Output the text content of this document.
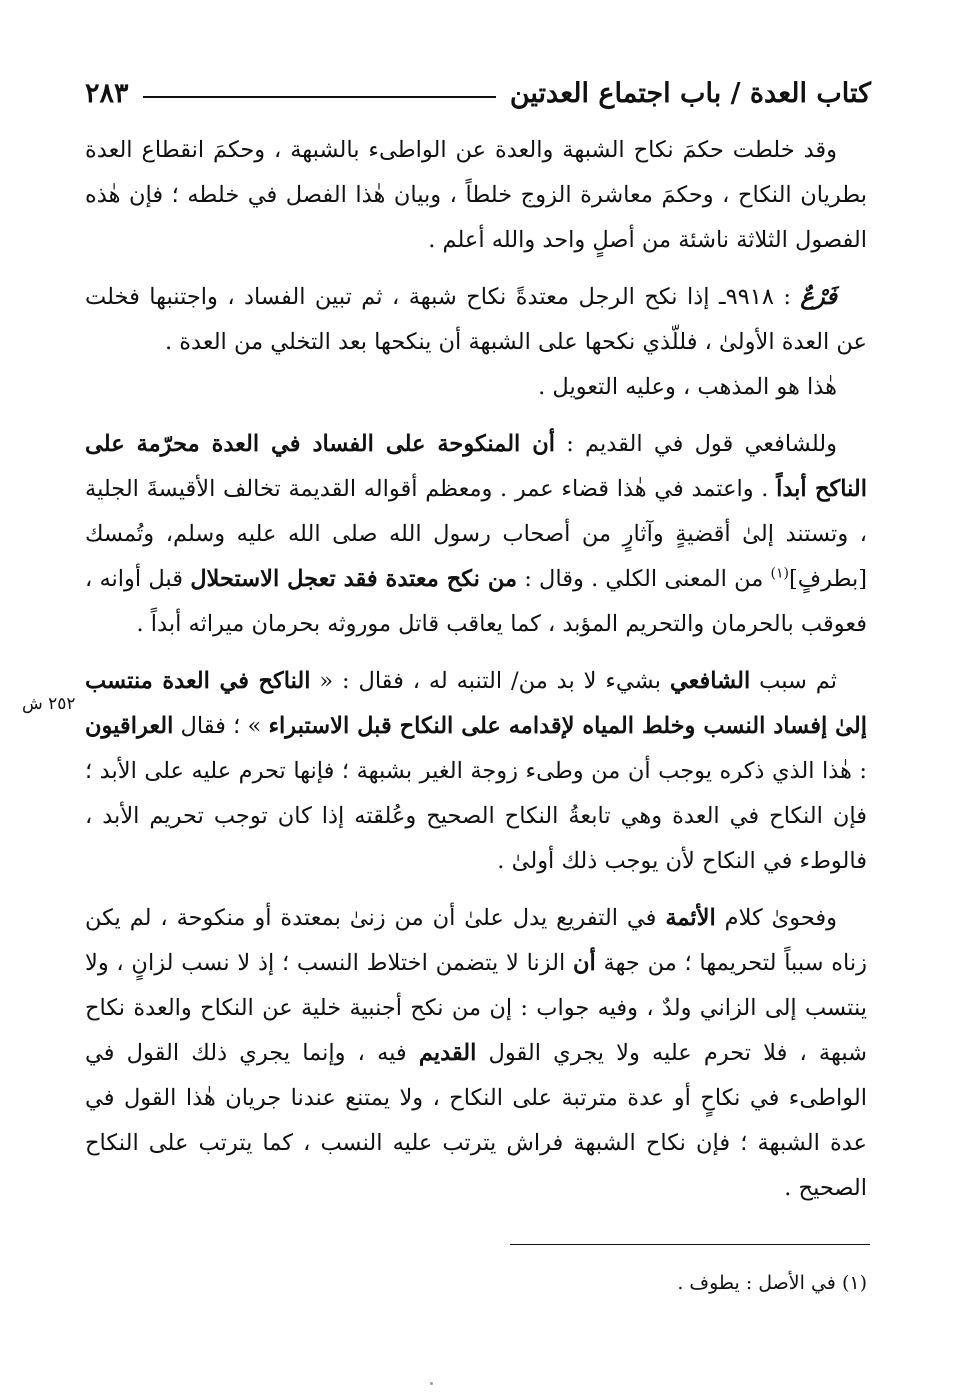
كتاب العدة / باب اجتماع العدتين
٢٨٣

وقد خلطت حكمَ نكاح الشبهة والعدة عن الواطىء بالشبهة ، وحكمَ انقطاع العدة بطريان النكاح ، وحكمَ معاشرة الزوج خلطاً ، وبيان هٰذا الفصل في خلطه ؛ فإن هٰذه الفصول الثلاثة ناشئة من أصلٍ واحد والله أعلم .

فَرْعٌ : ٩٩١٨ـ إذا نكح الرجل معتدةً نكاح شبهة ، ثم تبين الفساد ، واجتنبها فخلت عن العدة الأولىٰ ، فللّذي نكحها على الشبهة أن ينكحها بعد التخلي من العدة .

هٰذا هو المذهب ، وعليه التعويل .

وللشافعي قول في القديم : أن المنكوحة على الفساد في العدة محرّمة على الناكح أبداً . واعتمد في هٰذا قضاء عمر . ومعظم أقواله القديمة تخالف الأقيسةَ الجلية ، وتستند إلىٰ أقضيةٍ وآثارٍ من أصحاب رسول الله صلى الله عليه وسلم، وتُمسك [بطرفٍ]$^{(١)}$ من المعنى الكلي . وقال : من نكح معتدة فقد تعجل الاستحلال قبل أوانه ، فعوقب بالحرمان والتحريم المؤبد ، كما يعاقب قاتل موروثه بحرمان ميراثه أبداً .

ثم سبب الشافعي بشيء لا بد من/ التنبه له ، فقال : « الناكح في العدة منتسب إلىٰ إفساد النسب وخلط المياه لإقدامه على النكاح قبل الاستبراء » ؛ فقال العراقيون : هٰذا الذي ذكره يوجب أن من وطىء زوجة الغير بشبهة ؛ فإنها تحرم عليه على الأبد ؛ فإن النكاح في العدة وهي تابعةُ النكاح الصحيح وعُلقته إذا كان توجب تحريم الأبد ، فالوطء في النكاح لأن يوجب ذلك أولىٰ .

وفحوىٰ كلام الأئمة في التفريع يدل علىٰ أن من زنىٰ بمعتدة أو منكوحة ، لم يكن زناه سبباً لتحريمها ؛ من جهة أن الزنا لا يتضمن اختلاط النسب ؛ إذ لا نسب لزانٍ ، ولا ينتسب إلى الزاني ولدٌ ، وفيه جواب : إن من نكح أجنبية خلية عن النكاح والعدة نكاح شبهة ، فلا تحرم عليه ولا يجري القول القديم فيه ، وإنما يجري ذلك القول في الواطىء في نكاحٍ أو عدة مترتبة على النكاح ، ولا يمتنع عندنا جريان هٰذا القول في عدة الشبهة ؛ فإن نكاح الشبهة فراش يترتب عليه النسب ، كما يترتب على النكاح الصحيح .

٢٥٢ ش
(١) في الأصل : يطوف .
